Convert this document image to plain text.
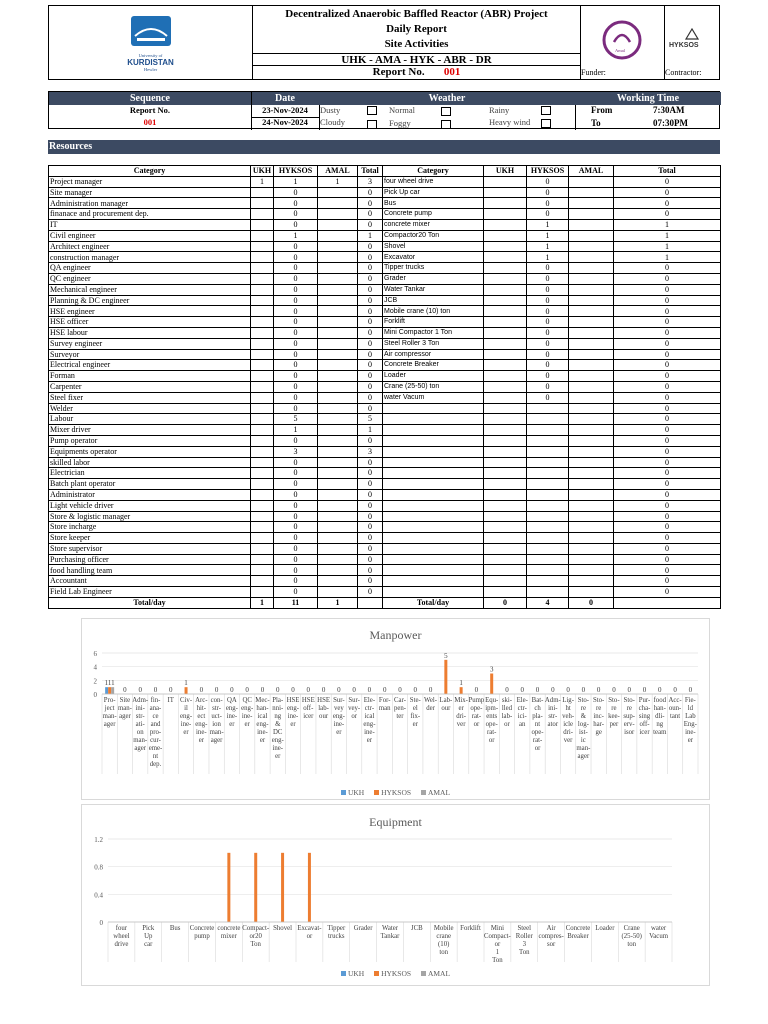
University of
KURDISTAN
Hewler
Decentralized Anaerobic Baffled Reactor (ABR) Project
Daily Report
Site Activities
UHK - AMA - HYK - ABR - DR
Report No. 001
Amal
Funder:
HYKSOS
Contractor:
Sequence	Date	Weather	Working Time
Report No.
001
23-Nov-2024
24-Nov-2024
Dusty	Normal	Rainy
Cloudy	Foggy	Heavy wind
From	7:30AM
To	07:30PM
Resources
Category	UKH	HYKSOS	AMAL	Total	Category	UKH	HYKSOS	AMAL	Total
Project manager	1	1	1	3	four wheel drive		0		0
Site manager		0		0	Pick Up car		0		0
Administration manager		0		0	Bus		0		0
finanace and procurement dep.		0		0	Concrete pump		0		0
IT		0		0	concrete mixer		1		1
Civil engineer		1		1	Compactor20 Ton		1		1
Architect engineer		0		0	Shovel		1		1
construction manager		0		0	Excavator		1		1
QA engineer		0		0	Tipper trucks		0		0
QC engineer		0		0	Grader		0		0
Mechanical engineer		0		0	Water Tankar		0		0
Planning & DC engineer		0		0	JCB		0		0
HSE engineer		0		0	Mobile crane (10) ton		0		0
HSE officer		0		0	Forklift		0		0
HSE labour		0		0	Mini Compactor 1 Ton		0		0
Survey engineer		0		0	Steel Roller 3 Ton		0		0
Surveyor		0		0	Air compressor		0		0
Electrical engineer		0		0	Concrete Breaker		0		0
Forman		0		0	Loader		0		0
Carpenter		0		0	Crane (25-50) ton		0		0
Steel fixer		0		0	water Vacum		0		0
Welder		0		0					0
Labour		5		5					0
Mixer driver		1		1					0
Pump operator		0		0					0
Equipments operator		3		3					0
skilled labor		0		0					0
Electrician		0		0					0
Batch plant operator		0		0					0
Administrator		0		0					0
Light vehicle driver		0		0					0
Store & logistic manager		0		0					0
Store incharge		0		0					0
Store keeper		0		0					0
Store supervisor		0		0					0
Purchasing officer		0		0					0
food handling team		0		0					0
Accountant		0		0					0
Field Lab Engineer		0		0					0
Total/day	1	11	1		Total/day	0	4	0	
Manpower
0
2
4
6
111
Pro-ject man-ager
0
Site man-ager
0
Adm-ini-str-ati-on man-ager
0
fin-ana-ce and pro-cur-eme-nt dep.
0
IT
1
Civ-il eng-ine-er
0
Arc-hit-ect eng-ine-er
0
con-str-uct-ion man-ager
0
QA eng-ine-er
0
QC eng-ine-er
0
Mec-han-ical eng-ine-er
0
Pla-nni-ng & DC eng-ine-er
0
HSE eng-ine-er
0
HSE off-icer
0
HSE lab-our
0
Sur-vey eng-ine-er
0
Sur-vey-or
0
Ele-ctr-ical eng-ine-er
0
For-man
0
Car-pen-ter
0
Ste-el fix-er
0
Wel-der
5
Lab-our
1
Mix-er dri-ver
0
Pump ope-rat-or
3
Equ-ipm-ents ope-rat-or
0
ski-lled lab-or
0
Ele-ctr-ici-an
0
Bat-ch pla-nt ope-rat-or
0
Adm-ini-str-ator
0
Lig-ht veh-icle dri-ver
0
Sto-re & log-ist-ic man-ager
0
Sto-re inc-har-ge
0
Sto-re kee-per
0
Sto-re sup-erv-isor
0
Pur-cha-sing off-icer
0
food han-dli-ng team
0
Acc-oun-tant
0
Fie-ld Lab Eng-ine-er
UKH HYKSOS AMAL
Equipment
0
0.4
0.8
1.2
four wheel drive
Pick Up car
Bus Concrete pump
concrete mixer
Compact-or20 Ton
Shovel Excavat-or
Tipper trucks
Grader Water Tankar
JCB Mobile crane (10) ton
Forklift	Mini Compact-or 1 Ton
Steel Roller 3 Ton
Air compres-sor
Concrete Breaker
Loader	Crane (25-50) ton
water Vacum
UKH HYKSOS AMAL
